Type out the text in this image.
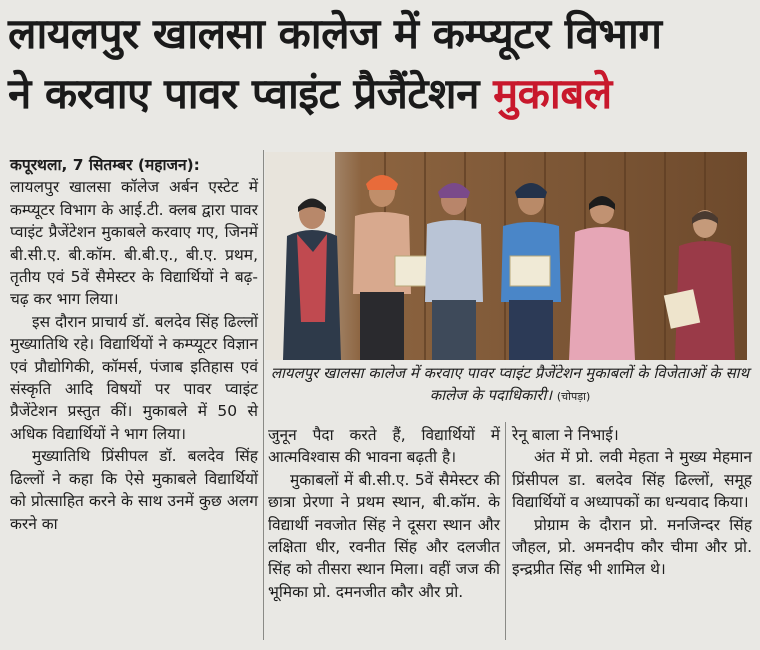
लायलपुर खालसा कालेज में कम्प्यूटर विभाग
ने करवाए पावर प्वाइंट प्रैजैंटेशन मुकाबले

कपूरथला, 7 सितम्बर (महाजन):

लायलपुर खालसा कॉलेज अर्बन एस्टेट में कम्प्यूटर विभाग के आई.टी. क्लब द्वारा पावर प्वाइंट प्रैजेंटेशन मुकाबले करवाए गए, जिनमें बी.सी.ए. बी.कॉम. बी.बी.ए., बी.ए. प्रथम, तृतीय एवं 5वें सैमेस्टर के विद्यार्थियों ने बढ़-चढ़ कर भाग लिया।

इस दौरान प्राचार्य डॉ. बलदेव सिंह ढिल्लों मुख्यातिथि रहे। विद्यार्थियों ने कम्प्यूटर विज्ञान एवं प्रौद्योगिकी, कॉमर्स, पंजाब इतिहास एवं संस्कृति आदि विषयों पर पावर प्वाइंट प्रैजेंटेशन प्रस्तुत कीं। मुकाबले में 50 से अधिक विद्यार्थियों ने भाग लिया।

मुख्यातिथि प्रिंसीपल डॉ. बलदेव सिंह ढिल्लों ने कहा कि ऐसे मुकाबले विद्यार्थियों को प्रोत्साहित करने के साथ उनमें कुछ अलग करने का

लायलपुर खालसा कालेज में करवाए पावर प्वाइंट प्रैजेंटेशन मुकाबलों के विजेताओं के साथ कालेज के पदाधिकारी। (चोपड़ा)

जुनून पैदा करते हैं, विद्यार्थियों में आत्मविश्वास की भावना बढ़ती है।

मुकाबलों में बी.सी.ए. 5वें सैमेस्टर की छात्रा प्रेरणा ने प्रथम स्थान, बी.कॉम. के विद्यार्थी नवजोत सिंह ने दूसरा स्थान और लक्षिता धीर, रवनीत सिंह और दलजीत सिंह को तीसरा स्थान मिला। वहीं जज की भूमिका प्रो. दमनजीत कौर और प्रो.

रेनू बाला ने निभाई।

अंत में प्रो. लवी मेहता ने मुख्य मेहमान प्रिंसीपल डा. बलदेव सिंह ढिल्लों, समूह विद्यार्थियों व अध्यापकों का धन्यवाद किया।

प्रोग्राम के दौरान प्रो. मनजिन्दर सिंह जौहल, प्रो. अमनदीप कौर चीमा और प्रो. इन्द्रप्रीत सिंह भी शामिल थे।
